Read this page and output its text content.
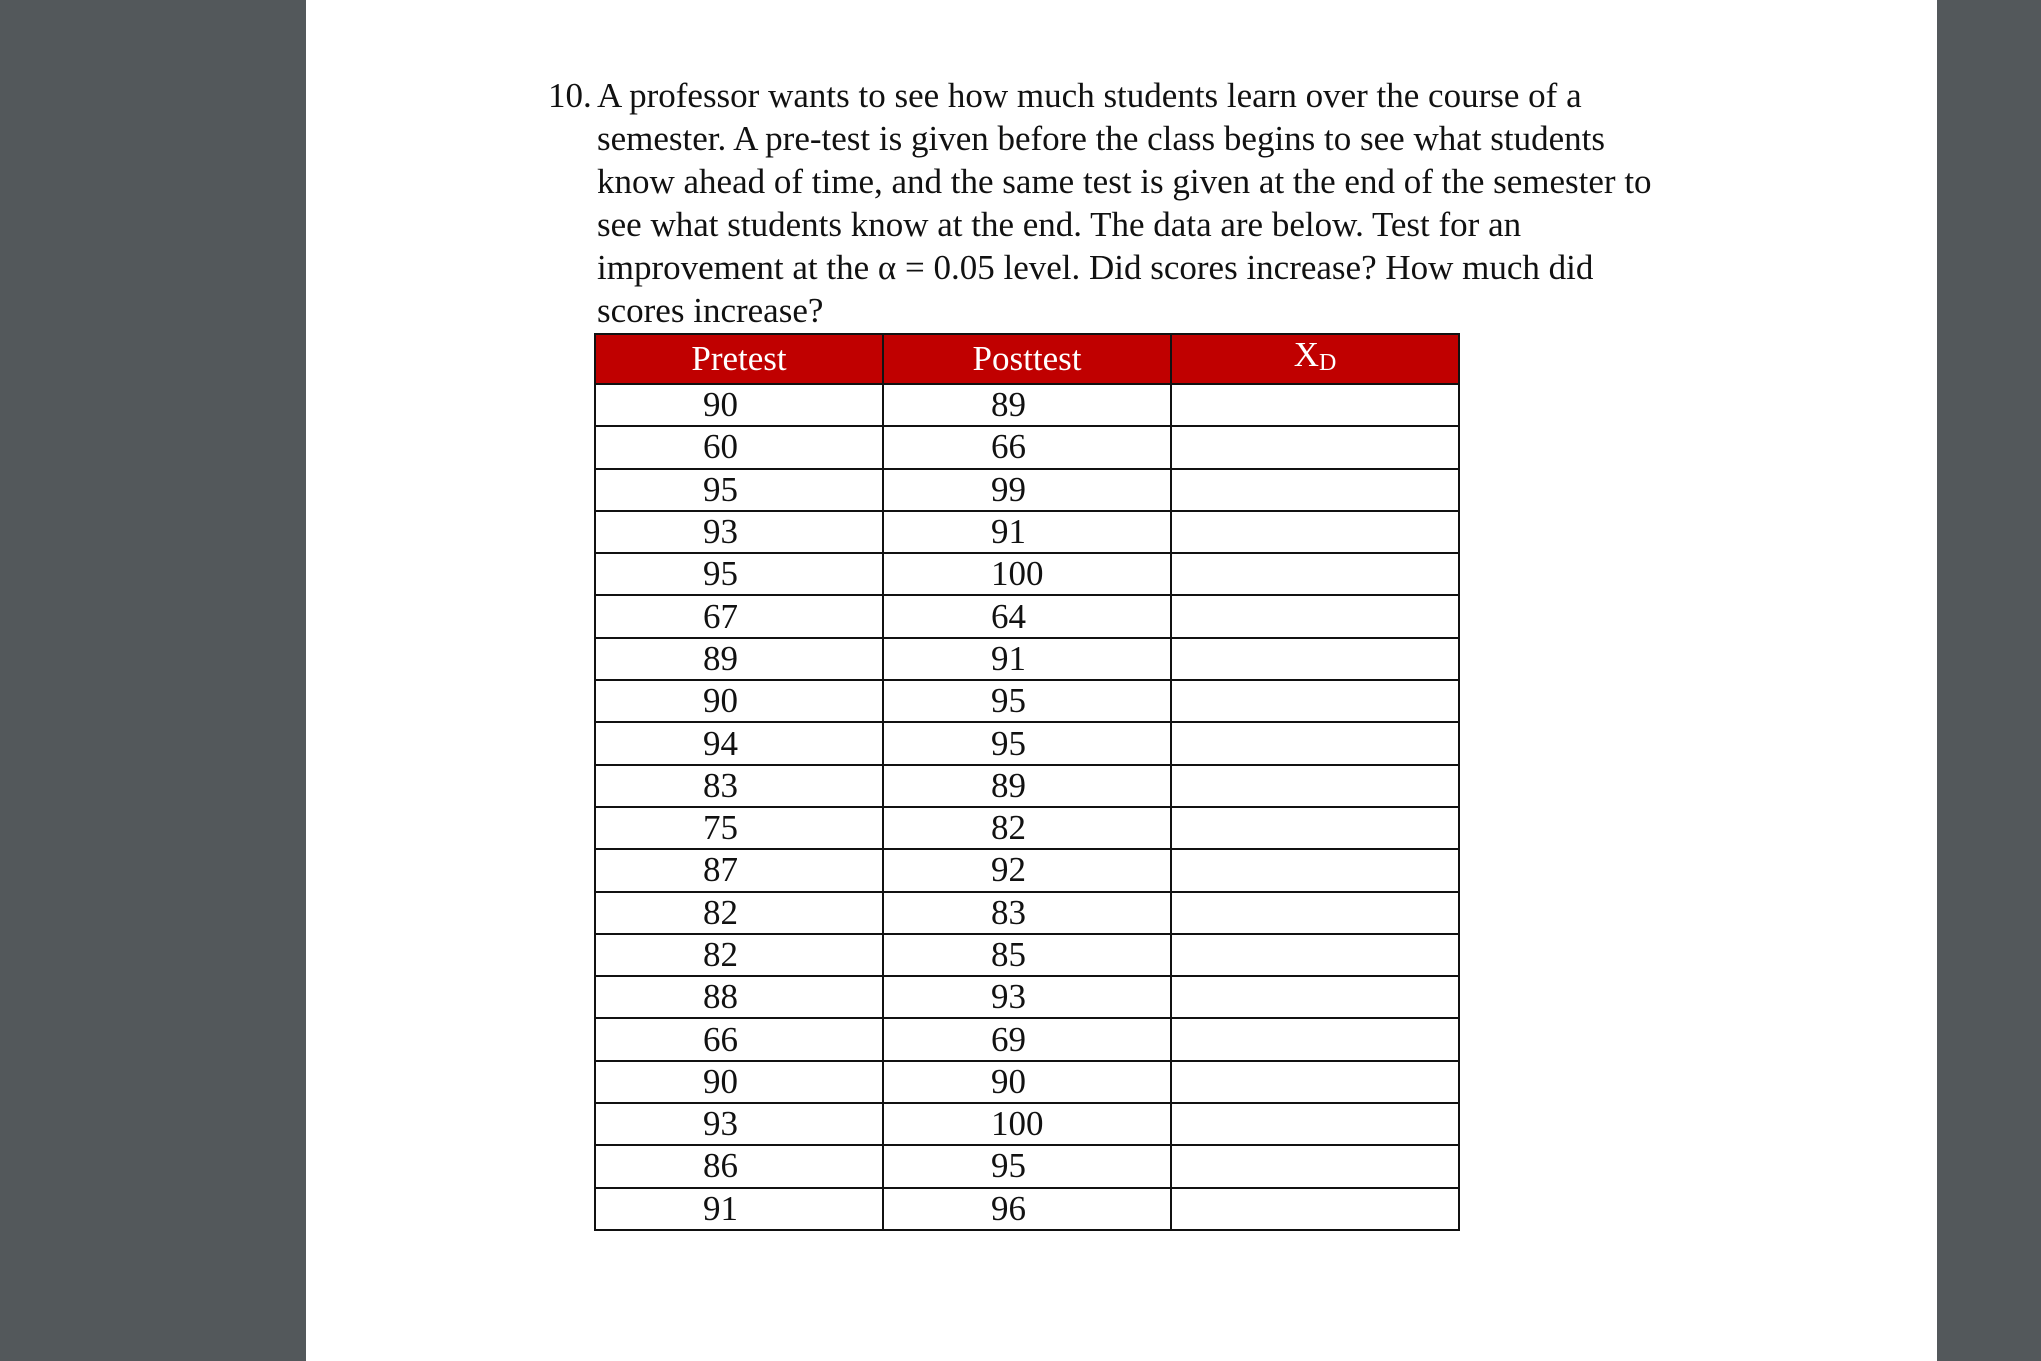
10. A professor wants to see how much students learn over the course of a
semester. A pre-test is given before the class begins to see what students
know ahead of time, and the same test is given at the end of the semester to
see what students know at the end. The data are below. Test for an
improvement at the α = 0.05 level. Did scores increase? How much did
scores increase?
Pretest	Posttest	$X_D$
90	89	
60	66	
95	99	
93	91	
95	100	
67	64	
89	91	
90	95	
94	95	
83	89	
75	82	
87	92	
82	83	
82	85	
88	93	
66	69	
90	90	
93	100	
86	95	
91	96	
